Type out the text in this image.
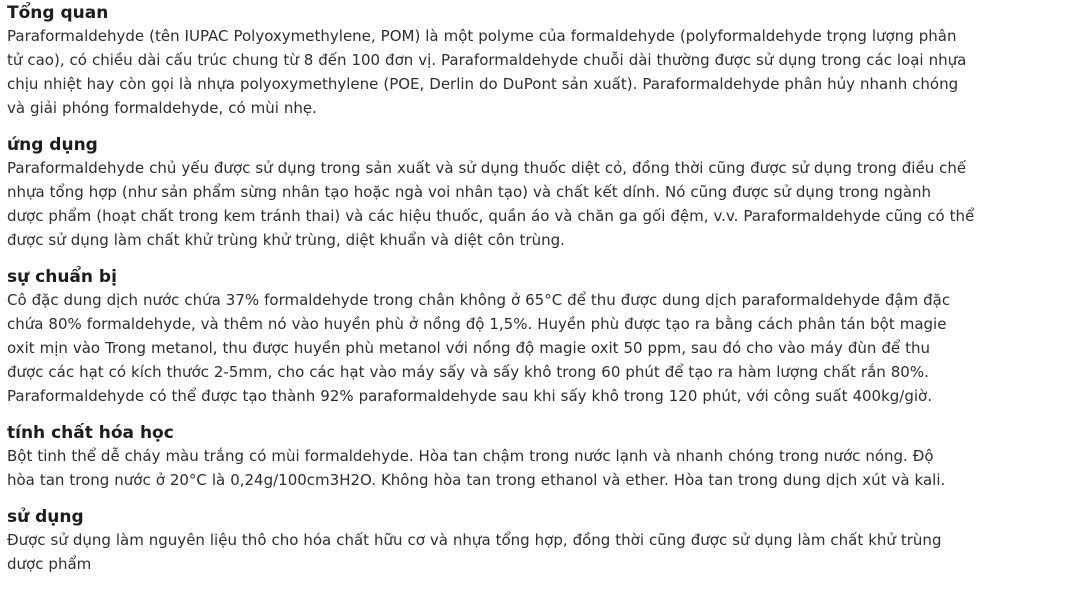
Tổng quan

Paraformaldehyde (tên IUPAC Polyoxymethylene, POM) là một polyme của formaldehyde (polyformaldehyde trọng lượng phân
tử cao), có chiều dài cấu trúc chung từ 8 đến 100 đơn vị. Paraformaldehyde chuỗi dài thường được sử dụng trong các loại nhựa
chịu nhiệt hay còn gọi là nhựa polyoxymethylene (POE, Derlin do DuPont sản xuất). Paraformaldehyde phân hủy nhanh chóng
và giải phóng formaldehyde, có mùi nhẹ.

ứng dụng

Paraformaldehyde chủ yếu được sử dụng trong sản xuất và sử dụng thuốc diệt cỏ, đồng thời cũng được sử dụng trong điều chế
nhựa tổng hợp (như sản phẩm sừng nhân tạo hoặc ngà voi nhân tạo) và chất kết dính. Nó cũng được sử dụng trong ngành
dược phẩm (hoạt chất trong kem tránh thai) và các hiệu thuốc, quần áo và chăn ga gối đệm, v.v. Paraformaldehyde cũng có thể
được sử dụng làm chất khử trùng khử trùng, diệt khuẩn và diệt côn trùng.

sự chuẩn bị

Cô đặc dung dịch nước chứa 37% formaldehyde trong chân không ở 65°C để thu được dung dịch paraformaldehyde đậm đặc
chứa 80% formaldehyde, và thêm nó vào huyền phù ở nồng độ 1,5%. Huyền phù được tạo ra bằng cách phân tán bột magie
oxit mịn vào Trong metanol, thu được huyền phù metanol với nồng độ magie oxit 50 ppm, sau đó cho vào máy đùn để thu
được các hạt có kích thước 2-5mm, cho các hạt vào máy sấy và sấy khô trong 60 phút để tạo ra hàm lượng chất rắn 80%.
Paraformaldehyde có thể được tạo thành 92% paraformaldehyde sau khi sấy khô trong 120 phút, với công suất 400kg/giờ.

tính chất hóa học

Bột tinh thể dễ cháy màu trắng có mùi formaldehyde. Hòa tan chậm trong nước lạnh và nhanh chóng trong nước nóng. Độ
hòa tan trong nước ở 20°C là 0,24g/100cm3H2O. Không hòa tan trong ethanol và ether. Hòa tan trong dung dịch xút và kali.

sử dụng

Được sử dụng làm nguyên liệu thô cho hóa chất hữu cơ và nhựa tổng hợp, đồng thời cũng được sử dụng làm chất khử trùng
dược phẩm
